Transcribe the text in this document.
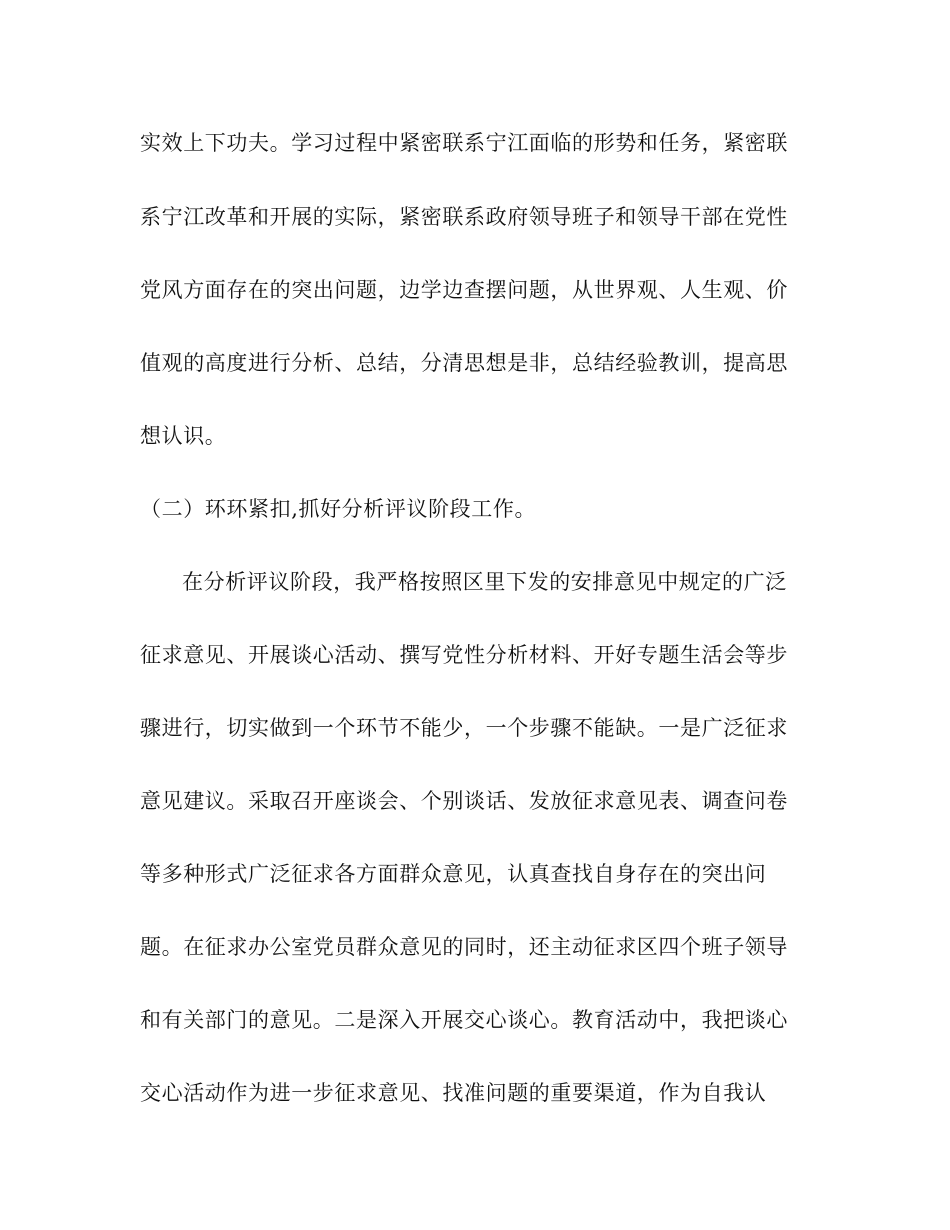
实效上下功夫。学习过程中紧密联系宁江面临的形势和任务，紧密联
系宁江改革和开展的实际，紧密联系政府领导班子和领导干部在党性
党风方面存在的突出问题，边学边查摆问题，从世界观、人生观、价
值观的高度进行分析、总结，分清思想是非，总结经验教训，提高思
想认识。
（二）环环紧扣,抓好分析评议阶段工作。
在分析评议阶段，我严格按照区里下发的安排意见中规定的广泛
征求意见、开展谈心活动、撰写党性分析材料、开好专题生活会等步
骤进行，切实做到一个环节不能少，一个步骤不能缺。一是广泛征求
意见建议。采取召开座谈会、个别谈话、发放征求意见表、调查问卷
等多种形式广泛征求各方面群众意见，认真查找自身存在的突出问
题。在征求办公室党员群众意见的同时，还主动征求区四个班子领导
和有关部门的意见。二是深入开展交心谈心。教育活动中，我把谈心
交心活动作为进一步征求意见、找准问题的重要渠道，作为自我认
